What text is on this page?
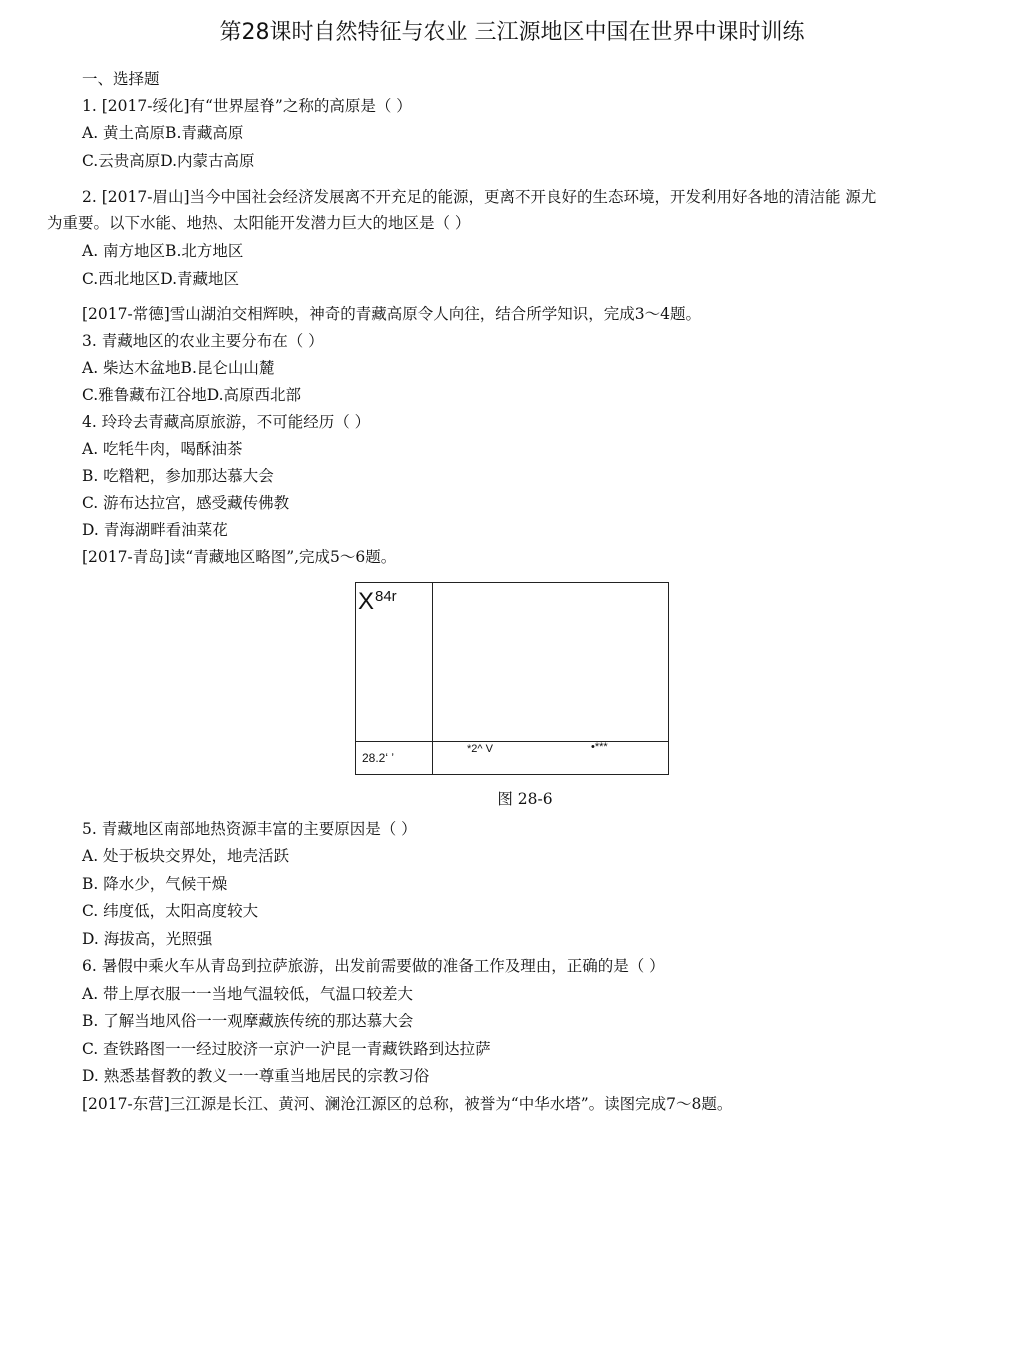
第28课时自然特征与农业 三江源地区中国在世界中课时训练
一、选择题
1. [2017-绥化]有“世界屋脊”之称的高原是（ ）
A. 黄土高原B.青藏高原
C.云贵高原D.内蒙古高原
2. [2017-眉山]当今中国社会经济发展离不开充足的能源，更离不开良好的生态环境，开发利用好各地的清洁能 源尤
为重要。以下水能、地热、太阳能开发潜力巨大的地区是（ ）
A. 南方地区B.北方地区
C.西北地区D.青藏地区
[2017-常德]雪山湖泊交相辉映，神奇的青藏高原令人向往，结合所学知识，完成3～4题。
3. 青藏地区的农业主要分布在（ ）
A. 柴达木盆地B.昆仑山山麓
C.雅鲁藏布江谷地D.高原西北部
4. 玲玲去青藏高原旅游，不可能经历（ ）
A. 吃牦牛肉，喝酥油茶
B. 吃糌粑，参加那达慕大会
C. 游布达拉宫，感受藏传佛教
D. 青海湖畔看油菜花
[2017-青岛]读“青藏地区略图”,完成5～6题。
X 84r
28.2ʻ ʼ
*2^ V	•***
图 28-6
5. 青藏地区南部地热资源丰富的主要原因是（ ）
A. 处于板块交界处，地壳活跃
B. 降水少，气候干燥
C. 纬度低，太阳高度较大
D. 海拔高，光照强
6. 暑假中乘火车从青岛到拉萨旅游，出发前需要做的准备工作及理由，正确的是（ ）
A. 带上厚衣服一一当地气温较低，气温口较差大
B. 了解当地风俗一一观摩藏族传统的那达慕大会
C. 查铁路图一一经过胶济一京沪一沪昆一青藏铁路到达拉萨
D. 熟悉基督教的教义一一尊重当地居民的宗教习俗
[2017-东营]三江源是长江、黄河、澜沧江源区的总称，被誉为“中华水塔”。读图完成7～8题。
